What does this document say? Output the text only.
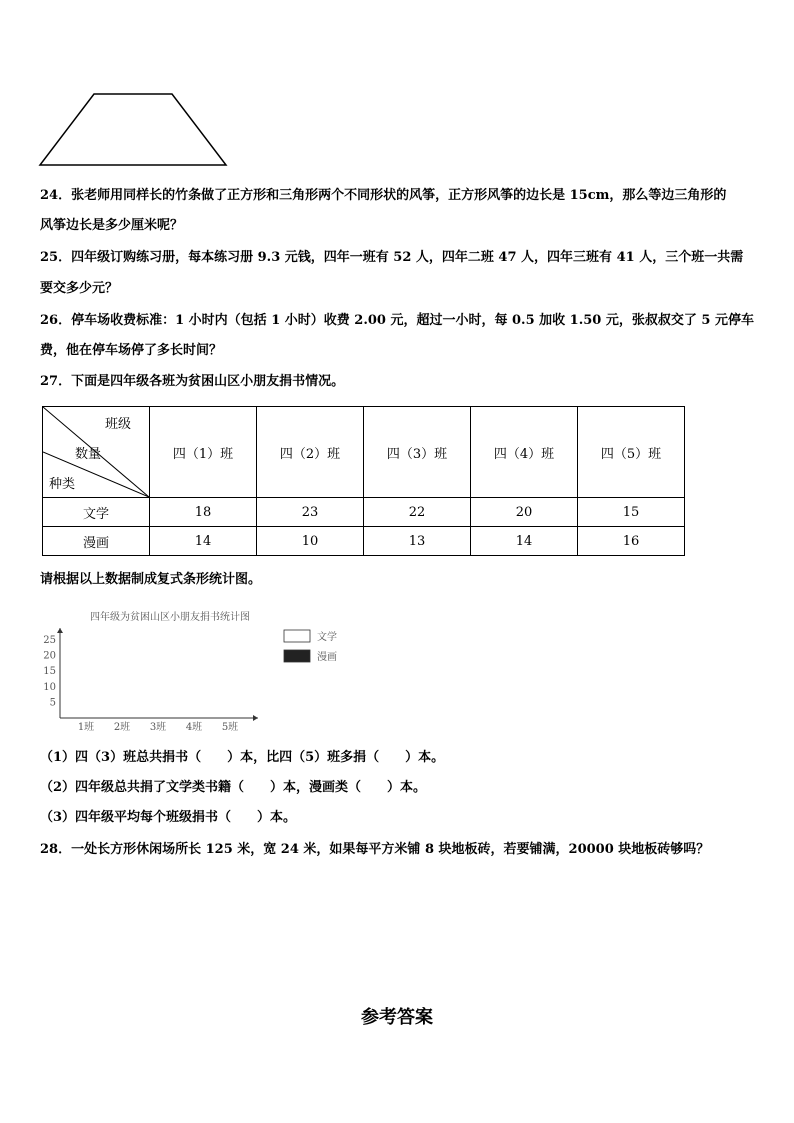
24．张老师用同样长的竹条做了正方形和三角形两个不同形状的风筝，正方形风筝的边长是 15cm，那么等边三角形的
风筝边长是多少厘米呢？
25．四年级订购练习册，每本练习册 9.3 元钱，四年一班有 52 人，四年二班 47 人，四年三班有 41 人，三个班一共需
要交多少元？
26．停车场收费标准：1 小时内（包括 1 小时）收费 2.00 元，超过一小时，每 0.5 加收 1.50 元，张叔叔交了 5 元停车
费，他在停车场停了多长时间？
27．下面是四年级各班为贫困山区小朋友捐书情况。
班级
数量
种类	四（1）班	四（2）班	四（3）班	四（4）班	四（5）班
文学	18	23	22	20	15
漫画	14	10	13	14	16
请根据以上数据制成复式条形统计图。
四年级为贫困山区小朋友捐书统计图
25
20
15
10
5
1班 2班 3班 4班 5班
文学
漫画
（1）四（3）班总共捐书（　　）本，比四（5）班多捐（　　）本。
（2）四年级总共捐了文学类书籍（　　）本，漫画类（　　）本。
（3）四年级平均每个班级捐书（　　）本。
28．一处长方形休闲场所长 125 米，宽 24 米，如果每平方米铺 8 块地板砖，若要铺满，20000 块地板砖够吗？
参考答案
